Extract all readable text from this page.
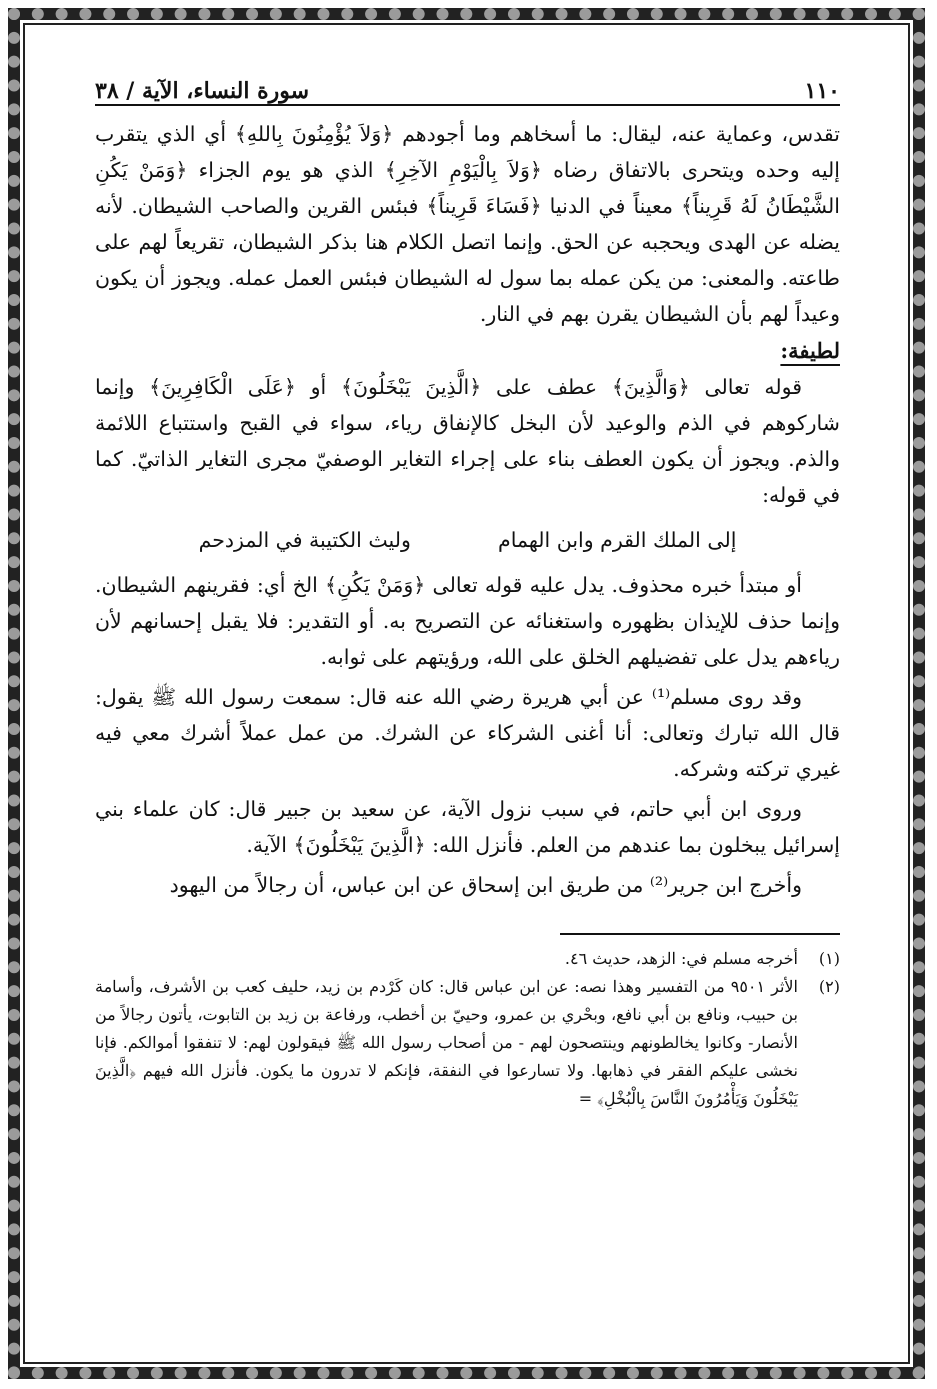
١١٠
سورة النساء، الآية / ٣٨

تقدس، وعماية عنه، ليقال: ما أسخاهم وما أجودهم ﴿وَلاَ يُؤْمِنُونَ بِاللهِ﴾ أي الذي يتقرب إليه وحده ويتحرى بالاتفاق رضاه ﴿وَلاَ بِالْيَوْمِ الآخِرِ﴾ الذي هو يوم الجزاء ﴿وَمَنْ يَكُنِ الشَّيْطَانُ لَهُ قَرِيناً﴾ معيناً في الدنيا ﴿فَسَاءَ قَرِيناً﴾ فبئس القرين والصاحب الشيطان. لأنه يضله عن الهدى ويحجبه عن الحق. وإنما اتصل الكلام هنا بذكر الشيطان، تقريعاً لهم على طاعته. والمعنى: من يكن عمله بما سول له الشيطان فبئس العمل عمله. ويجوز أن يكون وعيداً لهم بأن الشيطان يقرن بهم في النار.

لطيفة:

قوله تعالى ﴿وَالَّذِينَ﴾ عطف على ﴿الَّذِينَ يَبْخَلُونَ﴾ أو ﴿عَلَى الْكَافِرِينَ﴾ وإنما شاركوهم في الذم والوعيد لأن البخل كالإنفاق رياء، سواء في القبح واستتباع اللائمة والذم. ويجوز أن يكون العطف بناء على إجراء التغاير الوصفيّ مجرى التغاير الذاتيّ. كما في قوله:

إلى الملك القرم وابن الهمام
وليث الكتيبة في المزدحم

أو مبتدأ خبره محذوف. يدل عليه قوله تعالى ﴿وَمَنْ يَكُنِ﴾ الخ أي: فقرينهم الشيطان. وإنما حذف للإيذان بظهوره واستغنائه عن التصريح به. أو التقدير: فلا يقبل إحسانهم لأن رياءهم يدل على تفضيلهم الخلق على الله، ورؤيتهم على ثوابه.

وقد روى مسلم⁽¹⁾ عن أبي هريرة رضي الله عنه قال: سمعت رسول الله ﷺ يقول: قال الله تبارك وتعالى: أنا أغنى الشركاء عن الشرك. من عمل عملاً أشرك معي فيه غيري تركته وشركه.

وروى ابن أبي حاتم، في سبب نزول الآية، عن سعيد بن جبير قال: كان علماء بني إسرائيل يبخلون بما عندهم من العلم. فأنزل الله: ﴿الَّذِينَ يَبْخَلُونَ﴾ الآية.

وأخرج ابن جرير⁽²⁾ من طريق ابن إسحاق عن ابن عباس، أن رجالاً من اليهود

(١)
أخرجه مسلم في: الزهد، حديث ٤٦.

(٢)
الأثر ٩٥٠١ من التفسير وهذا نصه: عن ابن عباس قال: كان كَرْدم بن زيد، حليف كعب بن الأشرف، وأسامة بن حبيب، ونافع بن أبي نافع، وبحْري بن عمرو، وحييّ بن أخطب، ورفاعة بن زيد بن التابوت، يأتون رجالاً من الأنصار- وكانوا يخالطونهم وينتصحون لهم - من أصحاب رسول الله ﷺ فيقولون لهم: لا تنفقوا أموالكم. فإنا نخشى عليكم الفقر في ذهابها. ولا تسارعوا في النفقة، فإنكم لا تدرون ما يكون. فأنزل الله فيهم ﴿الَّذِينَ يَبْخَلُونَ وَيَأْمُرُونَ النَّاسَ بِالْبُخْلِ﴾ =
